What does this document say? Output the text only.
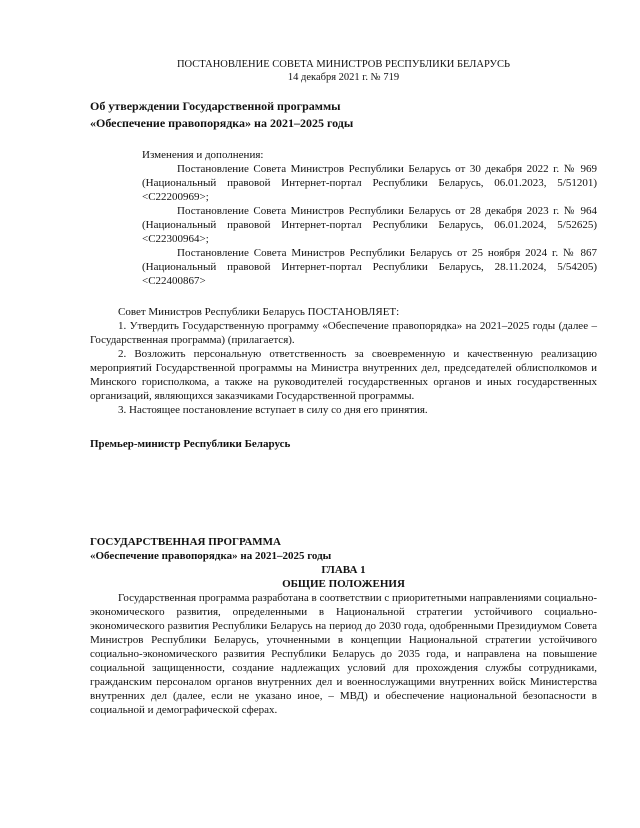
ПОСТАНОВЛЕНИЕ СОВЕТА МИНИСТРОВ РЕСПУБЛИКИ БЕЛАРУСЬ
14 декабря 2021 г. № 719
Об утверждении Государственной программы
«Обеспечение правопорядка» на 2021–2025 годы

Изменения и дополнения:

Постановление Совета Министров Республики Беларусь от 30 декабря 2022 г. № 969 (Национальный правовой Интернет-портал Республики Беларусь, 06.01.2023, 5/51201) <C22200969>;

Постановление Совета Министров Республики Беларусь от 28 декабря 2023 г. № 964 (Национальный правовой Интернет-портал Республики Беларусь, 06.01.2024, 5/52625) <C22300964>;

Постановление Совета Министров Республики Беларусь от 25 ноября 2024 г. № 867 (Национальный правовой Интернет-портал Республики Беларусь, 28.11.2024, 5/54205) <C22400867>

Совет Министров Республики Беларусь ПОСТАНОВЛЯЕТ:

1. Утвердить Государственную программу «Обеспечение правопорядка» на 2021–2025 годы (далее – Государственная программа) (прилагается).

2. Возложить персональную ответственность за своевременную и качественную реализацию мероприятий Государственной программы на Министра внутренних дел, председателей облисполкомов и Минского горисполкома, а также на руководителей государственных органов и иных государственных организаций, являющихся заказчиками Государственной программы.

3. Настоящее постановление вступает в силу со дня его принятия.

Премьер-министр Республики Беларусь

ГОСУДАРСТВЕННАЯ ПРОГРАММА
«Обеспечение правопорядка» на 2021–2025 годы

ГЛАВА 1

ОБЩИЕ ПОЛОЖЕНИЯ

Государственная программа разработана в соответствии с приоритетными направлениями социально-экономического развития, определенными в Национальной стратегии устойчивого социально-экономического развития Республики Беларусь на период до 2030 года, одобренными Президиумом Совета Министров Республики Беларусь, уточненными в концепции Национальной стратегии устойчивого социально-экономического развития Республики Беларусь до 2035 года, и направлена на повышение социальной защищенности, создание надлежащих условий для прохождения службы сотрудниками, гражданским персоналом органов внутренних дел и военнослужащими внутренних войск Министерства внутренних дел (далее, если не указано иное, – МВД) и обеспечение национальной безопасности в социальной и демографической сферах.
